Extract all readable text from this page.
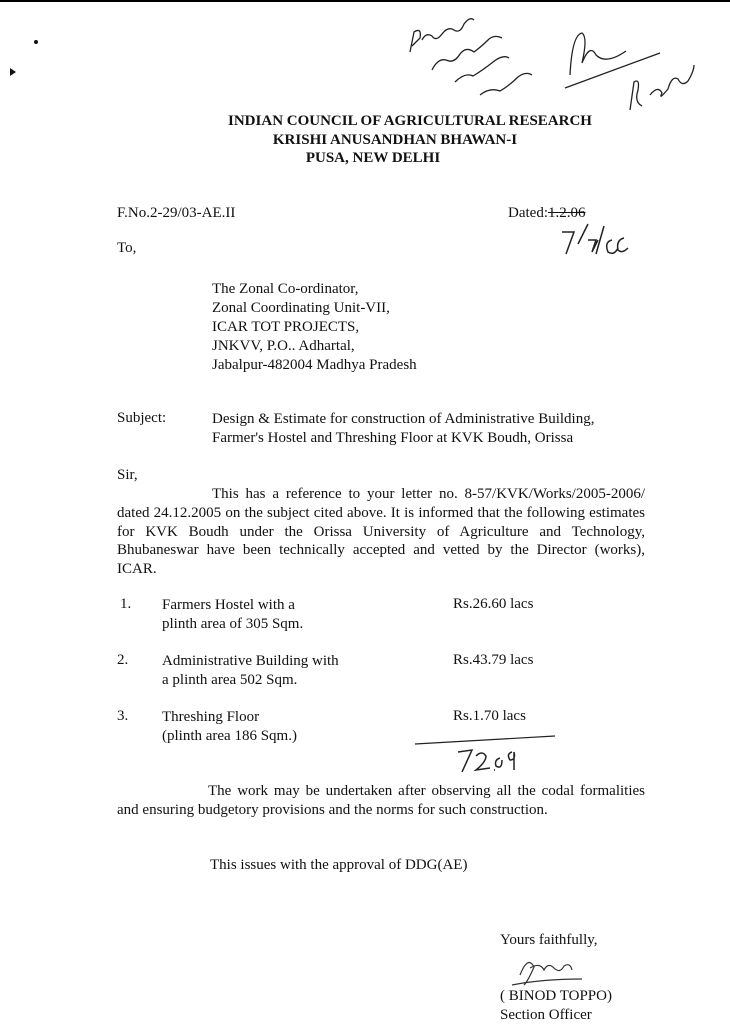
INDIAN COUNCIL OF AGRICULTURAL RESEARCH
KRISHI ANUSANDHAN BHAWAN-I
PUSA, NEW DELHI
F.No.2-29/03-AE.II	Dated:1.2.06
To,
The Zonal Co-ordinator,
Zonal Coordinating Unit-VII,
ICAR TOT PROJECTS,
JNKVV, P.O.. Adhartal,
Jabalpur-482004 Madhya Pradesh
Subject:	Design & Estimate for construction of Administrative Building,
Farmer's Hostel and Threshing Floor at KVK Boudh, Orissa
Sir,
This has a reference to your letter no. 8-57/KVK/Works/2005-2006/ dated 24.12.2005 on the subject cited above. It is informed that the following estimates for KVK Boudh under the Orissa University of Agriculture and Technology, Bhubaneswar have been technically accepted and vetted by the Director (works), ICAR.
1. Farmers Hostel with a
plinth area of 305 Sqm.
Rs.26.60 lacs
2. Administrative Building with
a plinth area 502 Sqm.
Rs.43.79 lacs
3. Threshing Floor
(plinth area 186 Sqm.)
Rs.1.70 lacs
The work may be undertaken after observing all the codal formalities and ensuring budgetory provisions and the norms for such construction.
This issues with the approval of DDG(AE)
Yours faithfully,
( BINOD TOPPO)
Section Officer
